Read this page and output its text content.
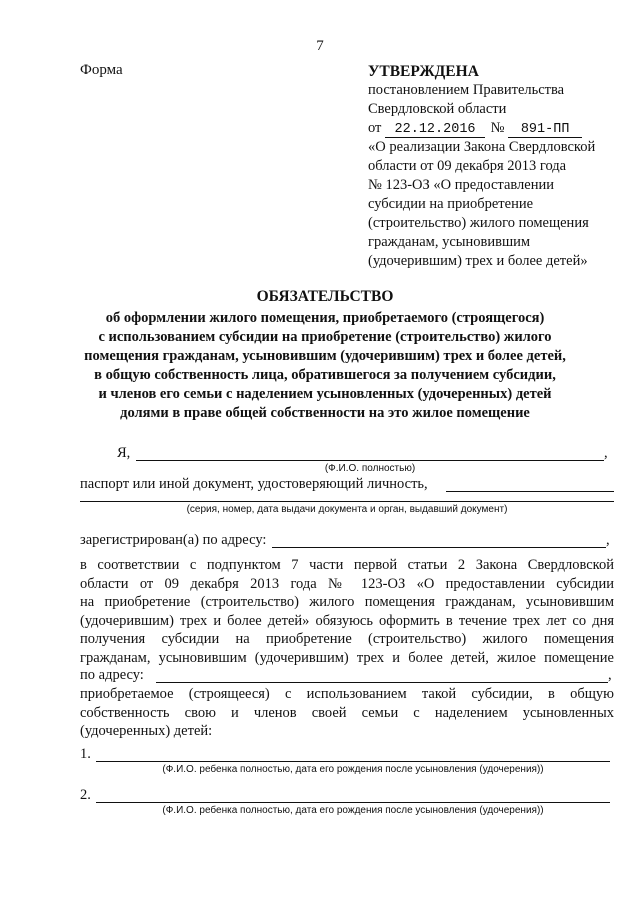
7
Форма	УТВЕРЖДЕНА
постановлением Правительства
Свердловской области
от 22.12.2016 № 891-ПП
«О реализации Закона Свердловской
области от 09 декабря 2013 года
№ 123-ОЗ «О предоставлении
субсидии на приобретение
(строительство) жилого помещения
гражданам, усыновившим
(удочерившим) трех и более детей»
ОБЯЗАТЕЛЬСТВО
об оформлении жилого помещения, приобретаемого (строящегося)
с использованием субсидии на приобретение (строительство) жилого
помещения гражданам, усыновившим (удочерившим) трех и более детей,
в общую собственность лица, обратившегося за получением субсидии,
и членов его семьи с наделением усыновленных (удочеренных) детей
долями в праве общей собственности на это жилое помещение
Я,	,
(Ф.И.О. полностью)
паспорт или иной документ, удостоверяющий личность,
(серия, номер, дата выдачи документа и орган, выдавший документ)
зарегистрирован(а) по адресу:	,
в соответствии с подпунктом 7 части первой статьи 2 Закона Свердловской
области от 09 декабря 2013 года № 123-ОЗ «О предоставлении субсидии
на приобретение (строительство) жилого помещения гражданам, усыновившим
(удочерившим) трех и более детей» обязуюсь оформить в течение трех лет со дня
получения субсидии на приобретение (строительство) жилого помещения
гражданам, усыновившим (удочерившим) трех и более детей, жилое помещение
по адресу:	,
приобретаемое (строящееся) с использованием такой субсидии, в общую
собственность свою и членов своей семьи с наделением усыновленных
(удочеренных) детей:
1.
(Ф.И.О. ребенка полностью, дата его рождения после усыновления (удочерения))
2.
(Ф.И.О. ребенка полностью, дата его рождения после усыновления (удочерения))
